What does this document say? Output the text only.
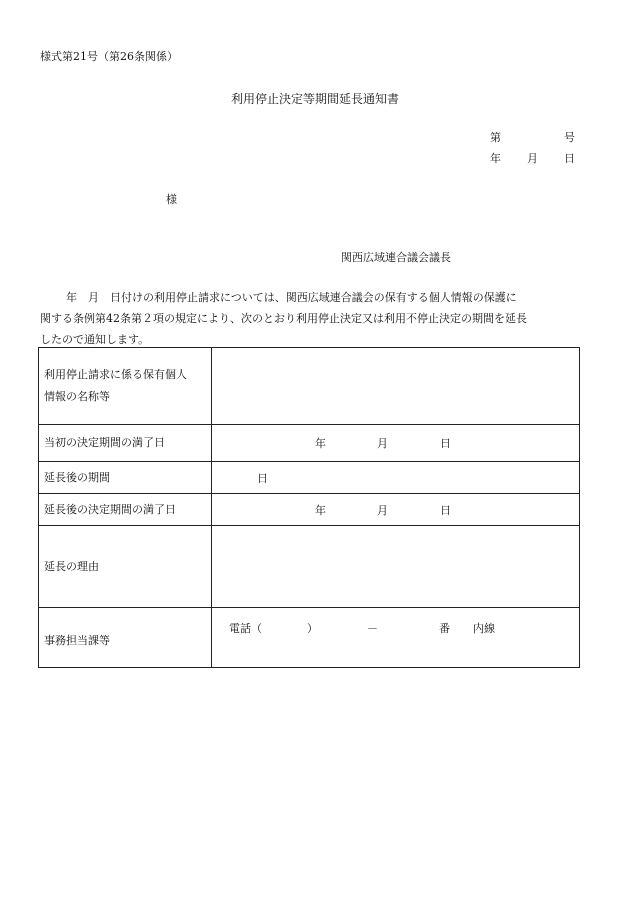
様式第21号（第26条関係）
利用停止決定等期間延長通知書
第	号
年 月 日
様
関西広域連合議会議長
年　月　日付けの利用停止請求については、関西広域連合議会の保有する個人情報の保護に
関する条例第42条第２項の規定により、次のとおり利用停止決定又は利用不停止決定の期間を延長
したので通知します。
利用停止請求に係る保有個人
情報の名称等	

当初の決定期間の満了日	年 月 日

延長後の期間	日

延長後の決定期間の満了日	年 月 日

延長の理由	
事務担当課等	電話（ ） － 番 内線
